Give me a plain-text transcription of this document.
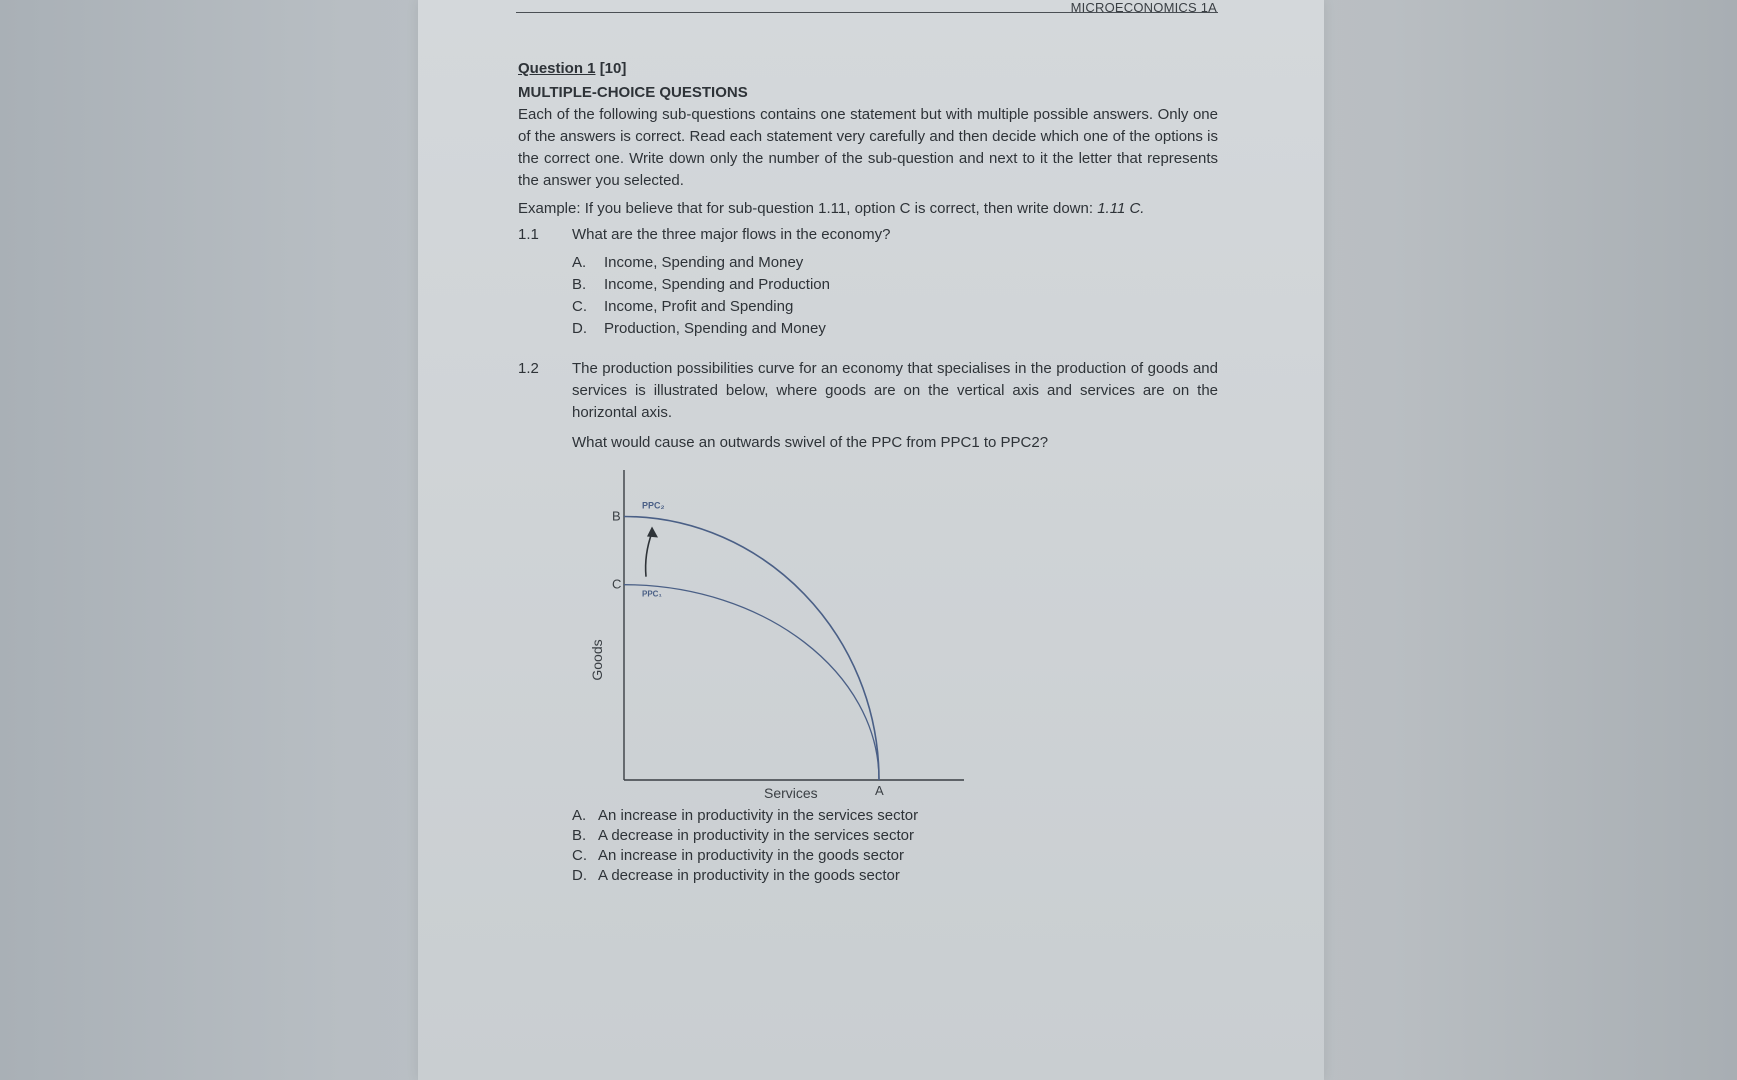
MICROECONOMICS 1A
Question 1 [10]
MULTIPLE-CHOICE QUESTIONS

Each of the following sub-questions contains one statement but with multiple possible answers. Only one of the answers is correct. Read each statement very carefully and then decide which one of the options is the correct one. Write down only the number of the sub-question and next to it the letter that represents the answer you selected.

Example: If you believe that for sub-question 1.11, option C is correct, then write down: 1.11 C.
1.1 What are the three major flows in the economy?
A. Income, Spending and Money
B. Income, Spending and Production
C. Income, Profit and Spending
D. Production, Spending and Money
1.2 The production possibilities curve for an economy that specialises in the production of goods and services is illustrated below, where goods are on the vertical axis and services are on the horizontal axis.

What would cause an outwards swivel of the PPC from PPC1 to PPC2?
B
C
A
PPC₂
PPC₁
Services
Goods
A. An increase in productivity in the services sector
B. A decrease in productivity in the services sector
C. An increase in productivity in the goods sector
D. A decrease in productivity in the goods sector
